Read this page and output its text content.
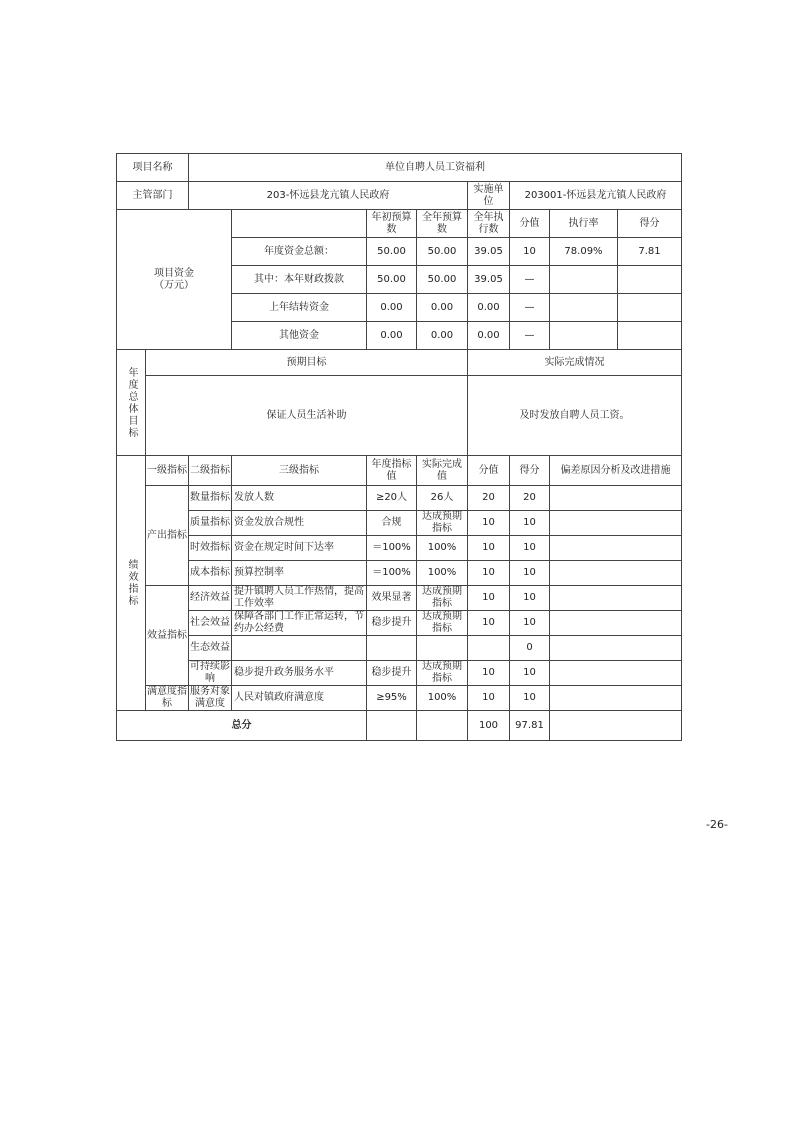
项目名称		单位自聘人员工资福利							
主管部门		203-怀远县龙亢镇人民政府				实施单位	203001-怀远县龙亢镇人民政府		
项目资金
（万元）				年初预算数	全年预算数	全年执行数	分值	执行率	得分
			年度资金总额：	50.00	50.00	39.05	10	78.09%	7.81
			其中：本年财政拨款	50.00	50.00	39.05	—		
			上年结转资金	0.00	0.00	0.00	—		
			其他资金	0.00	0.00	0.00	—		

年度总体目标	预期目标					实际完成情况			
	保证人员生活补助					及时发放自聘人员工资。			

绩效指标	一级指标	二级指标	三级指标	年度指标值	实际完成值	分值	得分	偏差原因分析及改进措施	
	产出指标	数量指标	发放人数	≥20人	26人	20	20		
		质量指标	资金发放合规性	合规	达成预期指标	10	10		
		时效指标	资金在规定时间下达率	＝100%	100%	10	10		
		成本指标	预算控制率	＝100%	100%	10	10		
	效益指标	经济效益	提升镇聘人员工作热情，提高工作效率	效果显著	达成预期指标	10	10		
		社会效益	保障各部门工作正常运转，节约办公经费	稳步提升	达成预期指标	10	10		
		生态效益					0		
		可持续影响	稳步提升政务服务水平	稳步提升	达成预期指标	10	10		
	满意度指标	服务对象满意度	人民对镇政府满意度	≥95%	100%	10	10		
总分						100	97.81		
-26-
